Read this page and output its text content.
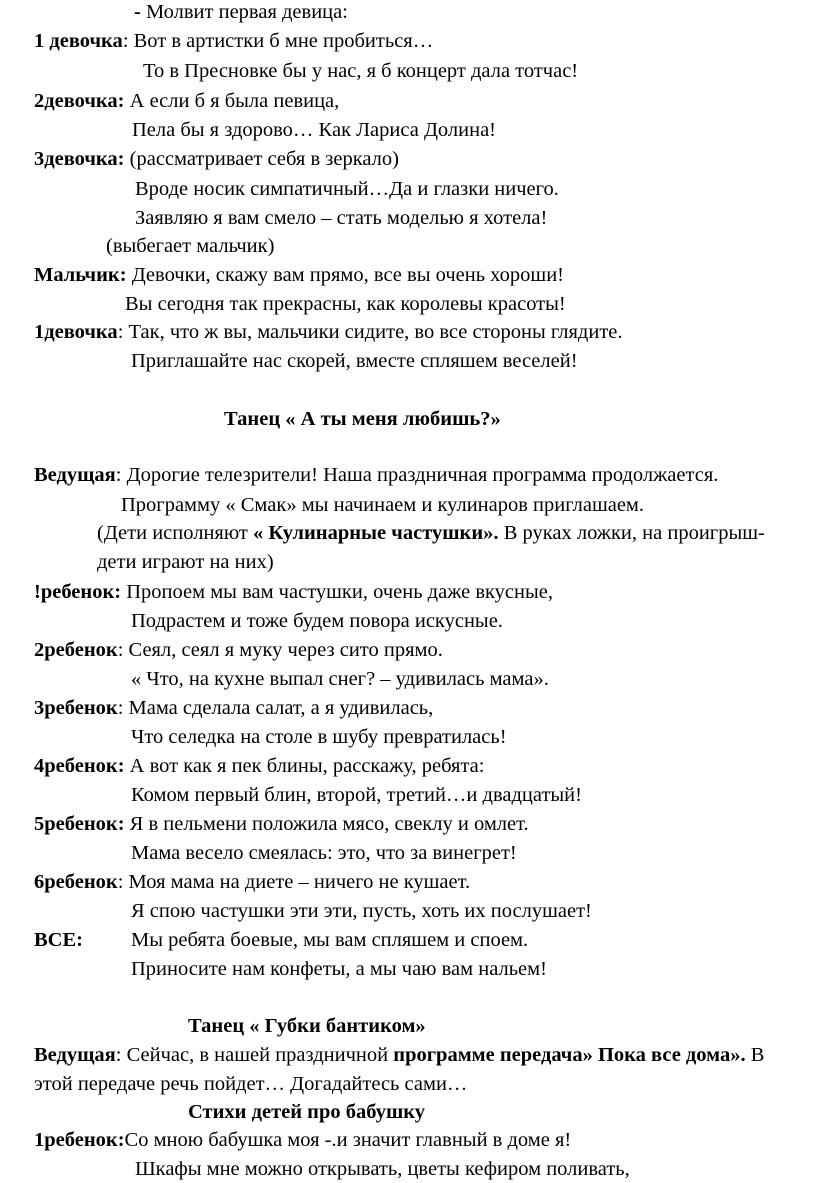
- Молвит первая девица:
1 девочка: Вот в артистки б мне пробиться…
То в Пресновке бы у нас, я б концерт дала тотчас!
2девочка: А если б я была певица,
Пела бы я здорово… Как Лариса Долина!
3девочка: (рассматривает себя в зеркало)
Вроде носик симпатичный…Да и глазки ничего.
Заявляю я вам смело – стать моделью я хотела!
(выбегает мальчик)
Мальчик: Девочки, скажу вам прямо, все вы очень хороши!
Вы сегодня так прекрасны, как королевы красоты!
1девочка: Так, что ж вы, мальчики сидите, во все стороны глядите.
Приглашайте нас скорей, вместе спляшем веселей!
Танец « А ты меня любишь?»
Ведущая: Дорогие телезрители! Наша праздничная программа продолжается.
Программу « Смак» мы начинаем и кулинаров приглашаем.
(Дети исполняют « Кулинарные частушки». В руках ложки, на проигрыш-
дети играют на них)
!ребенок: Пропоем мы вам частушки, очень даже вкусные,
Подрастем и тоже будем повора искусные.
2ребенок: Сеял, сеял я муку через сито прямо.
« Что, на кухне выпал снег? – удивилась мама».
3ребенок: Мама сделала салат, а я удивилась,
Что селедка на столе в шубу превратилась!
4ребенок: А вот как я пек блины, расскажу, ребята:
Комом первый блин, второй, третий…и двадцатый!
5ребенок: Я в пельмени положила мясо, свеклу и омлет.
Мама весело смеялась: это, что за винегрет!
6ребенок: Моя мама на диете – ничего не кушает.
Я спою частушки эти эти, пусть, хоть их послушает!
ВСЕ: Мы ребята боевые, мы вам спляшем и споем.
Приносите нам конфеты, а мы чаю вам нальем!
Танец « Губки бантиком»
Ведущая: Сейчас, в нашей праздничной программе передача» Пока все дома». В
этой передаче речь пойдет… Догадайтесь сами…
Стихи детей про бабушку
1ребенок:Со мною бабушка моя -.и значит главный в доме я!
Шкафы мне можно открывать, цветы кефиром поливать,
